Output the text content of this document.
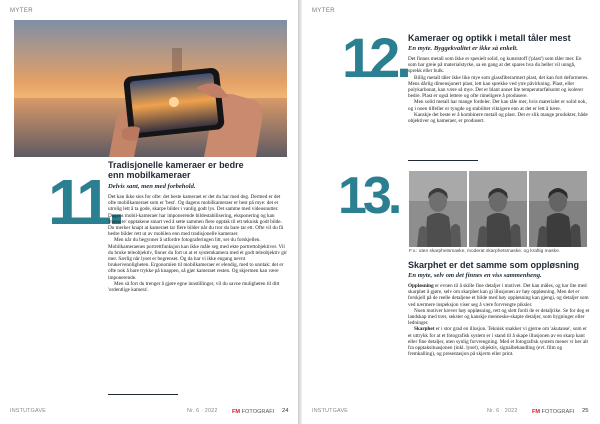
MYTER
11.
Tradisjonelle kameraer er bedre
enn mobilkameraer
Delvis sant, men med forbehold.

Det kan ikke sies for ofte: det beste kameraet er det du har med deg. Dermed er det ofte mobilkameraet som er 'best'. Og dagens mobilkameraer er best på myе: det er utrolig lett å ta gode, skarpe bilder i vanlig godt lys. Det samme med videosnutter. Dagens mobil-kameraer har imponerende bildestabilisering, eksponering og kan 'massere' opptakene smart ved å sette sammen flere opptak til ett teknisk godt bilde. Du merker knapt at kameraet tar flere bilder når du tror du bare tar ett. Ofte vil du få bedre bilder rett ut av mobilen enn med tradisjonelle kameraer.

Men når du begynner å utfordre fotograferingen litt, ser du forskjellen. Mobilkameraenes portrettfunksjon kan ikke måle seg med ekte portrettobjektiver. Vil du bruke teleobjektiv, finner du fort ut at et systemkamera med et godt teleobjektiv gir mer. Særlig når lyset er begrenset. Og da har vi ikke engang nevnt brukervennligheten. Ergonomien til mobilkameraer er elendig, med to unntak: det er ofte nok å bare trykke på knappen, så gjør kameraet resten. Og skjermen kan være imponerende.

Men så fort du trenger å gjøre egne innstillinger, vil du savne muligheten til ditt 'ordentlige kamera'.

INSTUTGAVE	Nr. 6 · 2022	FM FOTOGRAFI 24
MYTER
12. Kameraer og optikk i metall tåler mest
En myte. Byggekvalitet er ikke så enkelt.

Det finnes metall som ikke er spesielt solid, og kunststoff ('plast') som tåler mer. En som har greie på materialstyrke, sa en gang at det spares hva du heller vil unngå, sprekk eller bulk.

Billig metall tåler ikke like mye som glassfiberarmert plast, det kan fort deformeres. Mens dårlig dimensjonert plast, lett kan sprekke ved ytre påvirkning. Plast, eller polykarbonat, kan være så mye. Det er blant annet lite temperaturfølsomt og isolerer bedre. Plast er også lettere og ofte rimeligere å produsere.

Men solid metall har mange fordeler. Det kan tåle mer, hvis materialet er solid nok, og i noen tilfeller er tyngde og stabilitet viktigere enn at det er lett å bære.

Kanskje det beste er å kombinere metall og plast. Det er slik mange produkter, både objektiver og kameraer, er produsert.

13.
F.v.: uten skarphetsmaske, moderat skarphetsmaske, og kraftig maske.
Skarphet er det samme som oppløsning
En myte, selv om det finnes en viss sammenheng.

Oppløsning er evnen til å skille fine detaljer i motivet. Det kan måles, og har lite med skarphet å gjøre, selv om skarphet kan gi illusjonen av høy oppløsning. Men det er forskjell på de reelle detaljene et bilde med høy oppløsning kan gjengi, og detaljer som ved nærmere inspeksjon viser seg å være forvrengte piksler.

Noen motiver krever høy oppløsning, rett og slett fordi de er detaljrike. Se for deg et landskap med trær, sekster og kanskje menneske-skapte detaljer, som bygninger eller ledninger.

Skarphet er i stor grad en illusjon. Teknisk snakker vi gjerne om 'akutanse', som er et uttrykk for at et fotografisk system er i stand til å skape illusjonen av en skarp kant eller fine detaljer, uten synlig forvrengning. Med et fotografisk system mener vi her alt fra opptaksituasjonen (inkl. lyset), objektiv, signalbehandling (evt. film og fremkalling), og presentasjon på skjerm eller print.

INSTUTGAVE	Nr. 6 · 2022	FM FOTOGRAFI 25
